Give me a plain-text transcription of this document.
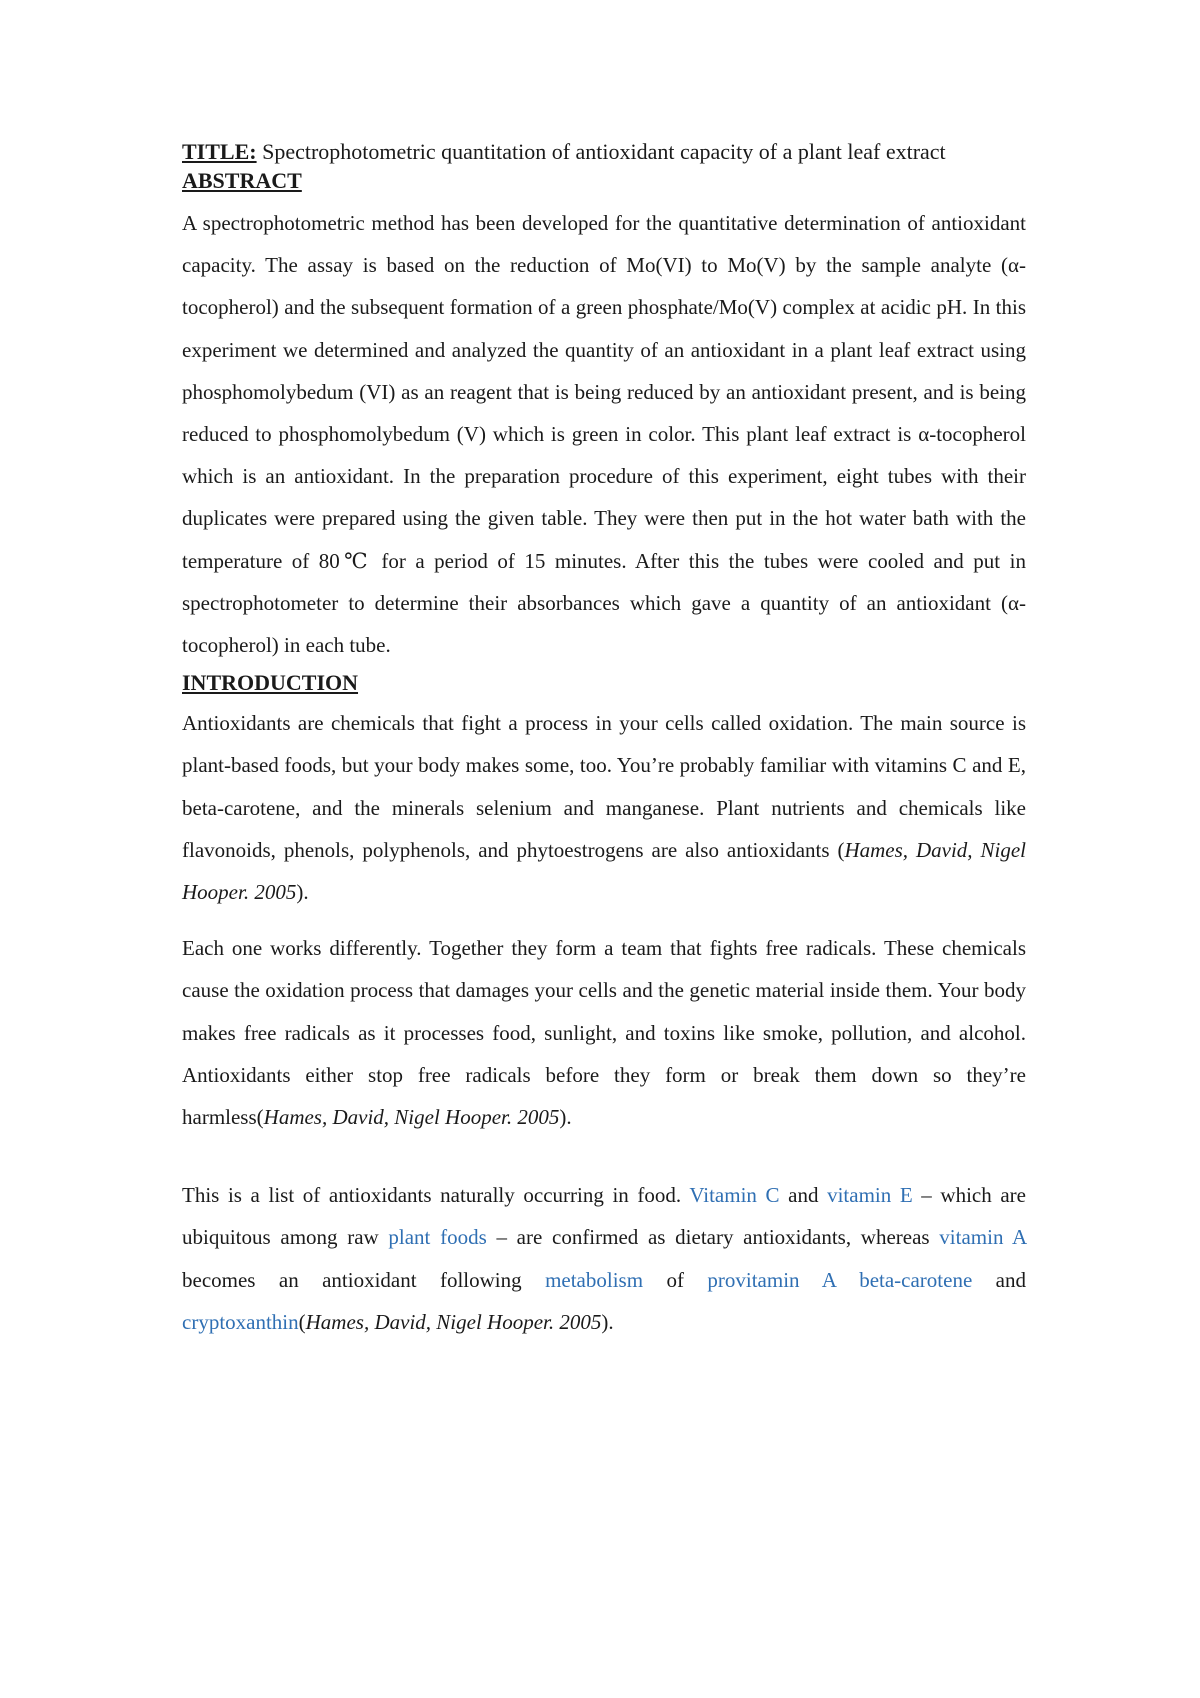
TITLE: Spectrophotometric quantitation of antioxidant capacity of a plant leaf extract

ABSTRACT

A spectrophotometric method has been developed for the quantitative determination of antioxidant capacity. The assay is based on the reduction of Mo(VI) to Mo(V) by the sample analyte (α-tocopherol) and the subsequent formation of a green phosphate/Mo(V) complex at acidic pH. In this experiment we determined and analyzed the quantity of an antioxidant in a plant leaf extract using phosphomolybedum (VI) as an reagent that is being reduced by an antioxidant present, and is being reduced to phosphomolybedum (V) which is green in color. This plant leaf extract is α-tocopherol which is an antioxidant. In the preparation procedure of this experiment, eight tubes with their duplicates were prepared using the given table. They were then put in the hot water bath with the temperature of 80℃ for a period of 15 minutes. After this the tubes were cooled and put in spectrophotometer to determine their absorbances which gave a quantity of an antioxidant (α-tocopherol) in each tube.

INTRODUCTION

Antioxidants are chemicals that fight a process in your cells called oxidation. The main source is plant-based foods, but your body makes some, too. You’re probably familiar with vitamins C and E, beta-carotene, and the minerals selenium and manganese. Plant nutrients and chemicals like flavonoids, phenols, polyphenols, and phytoestrogens are also antioxidants (Hames, David, Nigel Hooper. 2005).

Each one works differently. Together they form a team that fights free radicals. These chemicals cause the oxidation process that damages your cells and the genetic material inside them. Your body makes free radicals as it processes food, sunlight, and toxins like smoke, pollution, and alcohol. Antioxidants either stop free radicals before they form or break them down so they’re harmless(Hames, David, Nigel Hooper. 2005).

This is a list of antioxidants naturally occurring in food. Vitamin C and vitamin E – which are ubiquitous among raw plant foods – are confirmed as dietary antioxidants, whereas vitamin A becomes an antioxidant following metabolism of provitamin A beta-carotene and cryptoxanthin(Hames, David, Nigel Hooper. 2005).
